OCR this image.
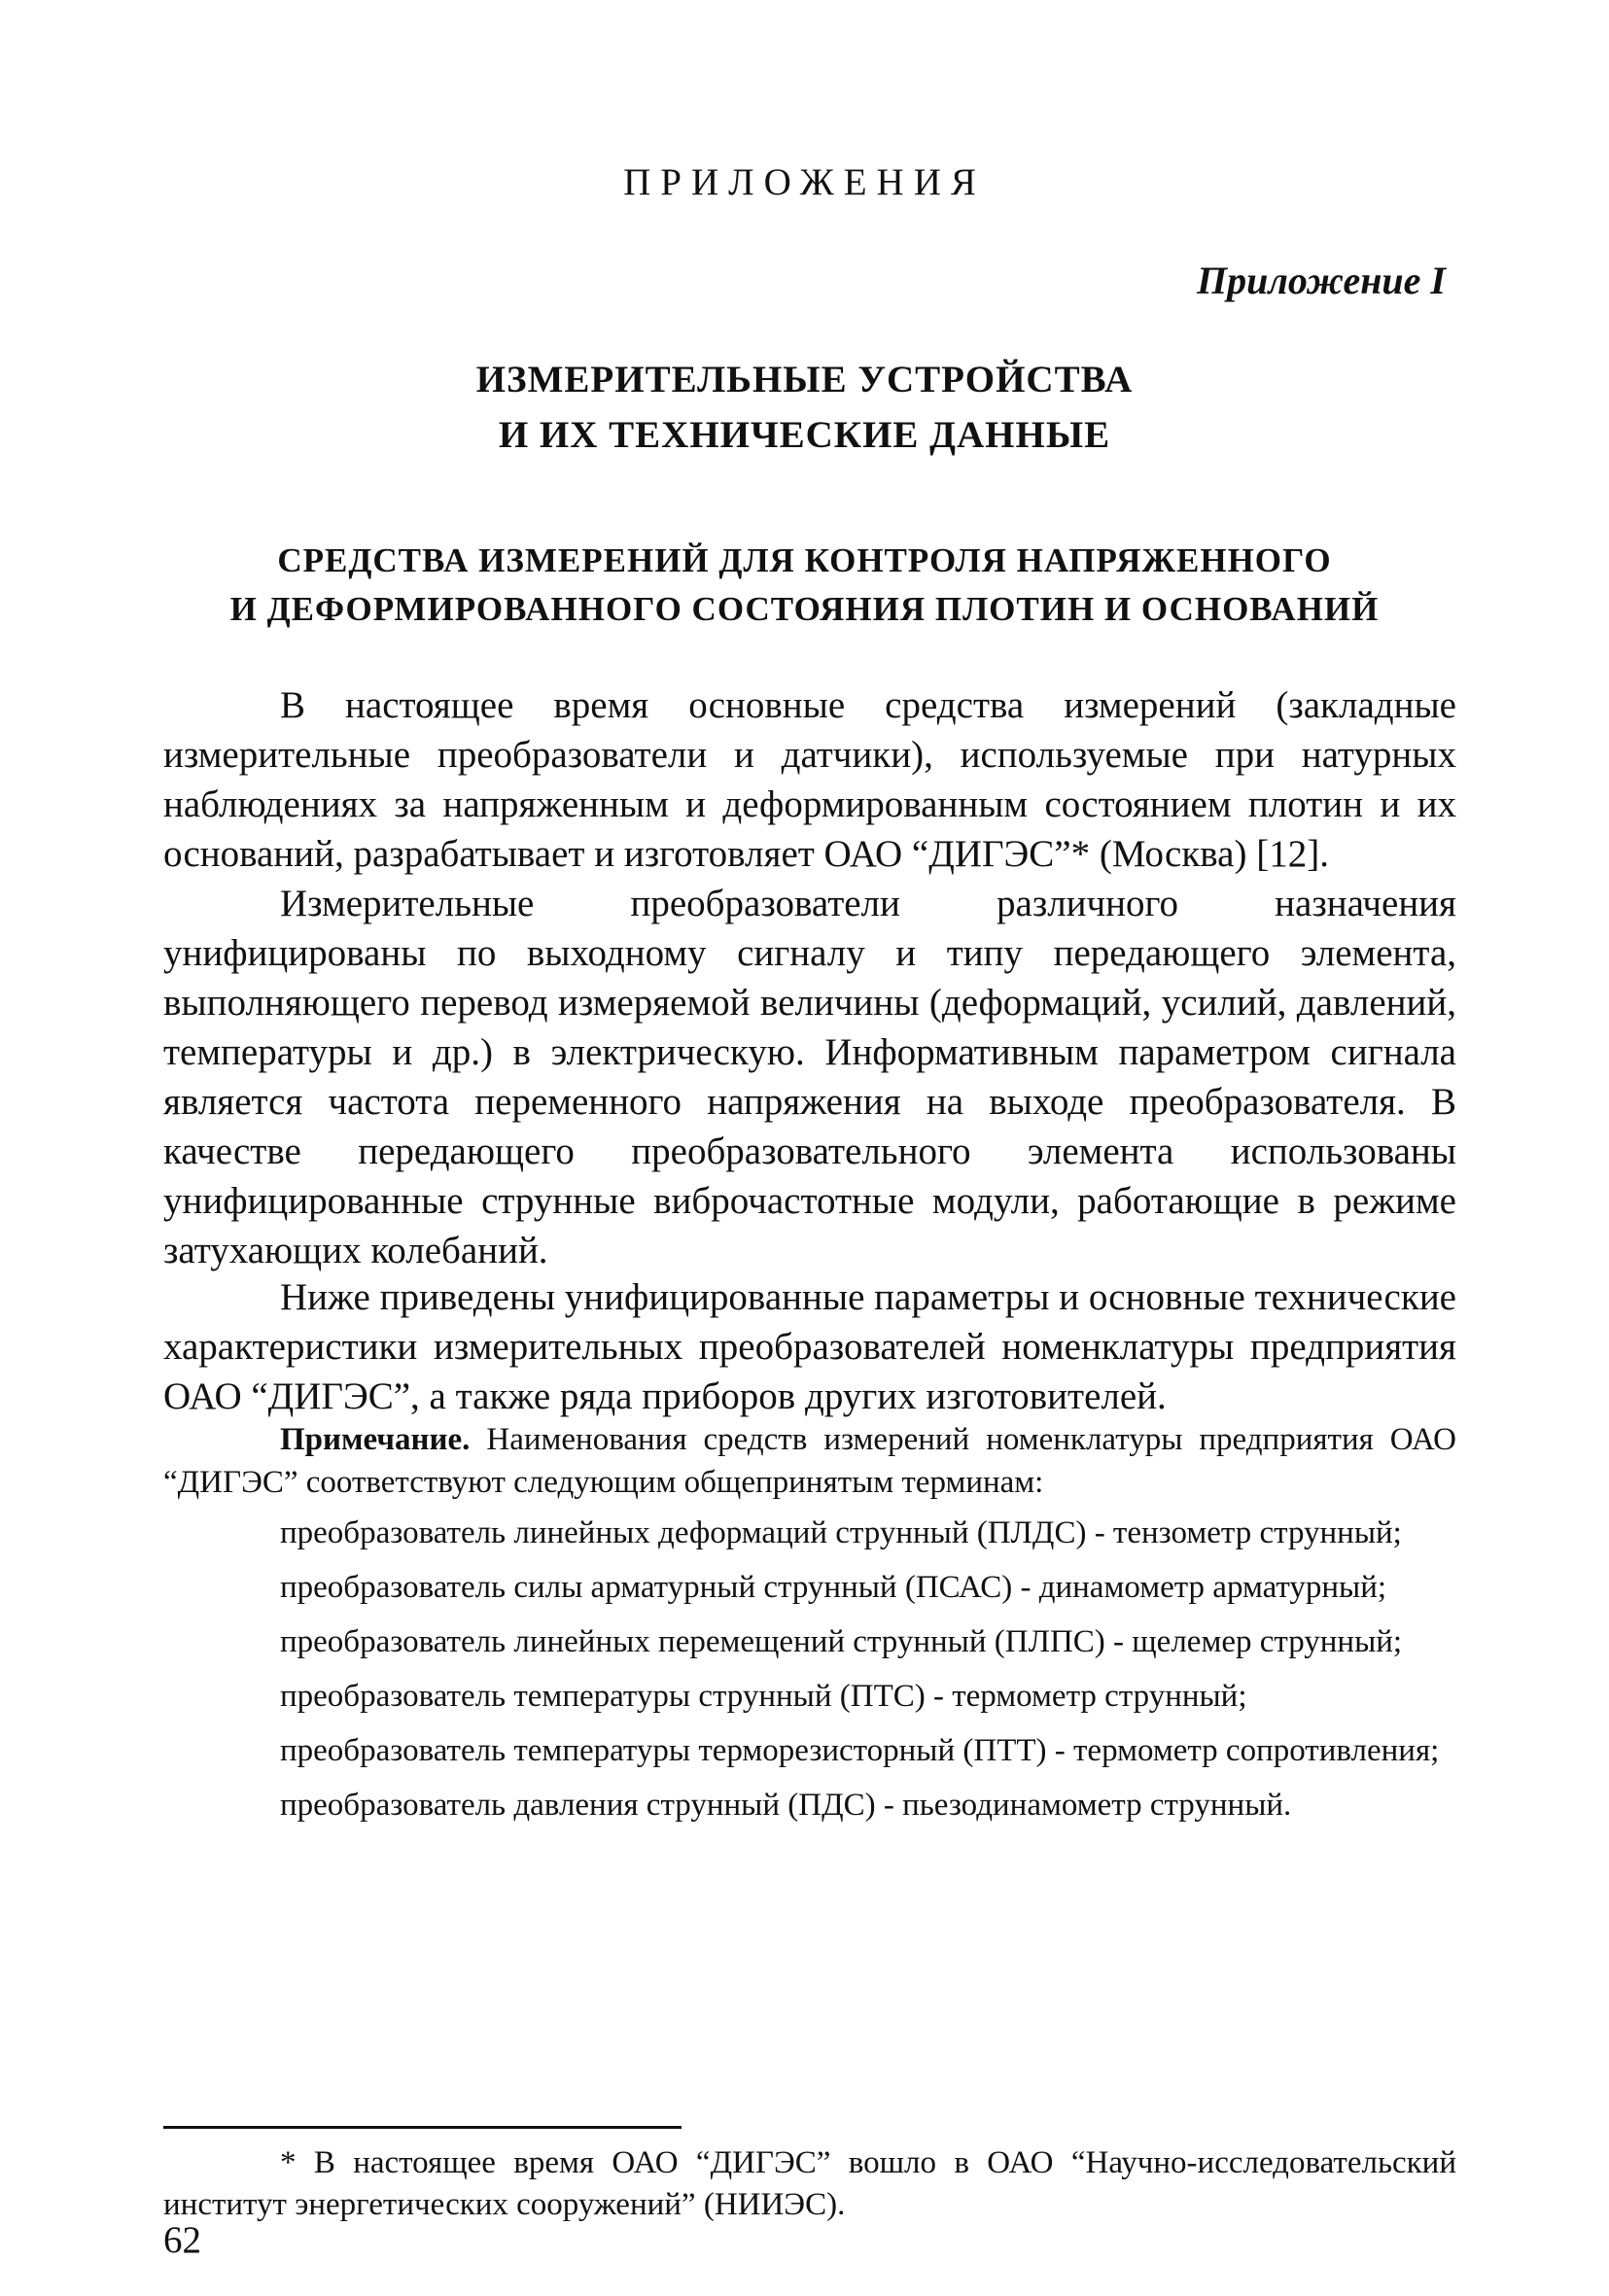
ПРИЛОЖЕНИЯ
Приложение I
ИЗМЕРИТЕЛЬНЫЕ УСТРОЙСТВА
И ИХ ТЕХНИЧЕСКИЕ ДАННЫЕ
СРЕДСТВА ИЗМЕРЕНИЙ ДЛЯ КОНТРОЛЯ НАПРЯЖЕННОГО
И ДЕФОРМИРОВАННОГО СОСТОЯНИЯ ПЛОТИН И ОСНОВАНИЙ

В настоящее время основные средства измерений (закладные измерительные преобразователи и датчики), используемые при натурных наблюдениях за напряженным и деформированным состоянием плотин и их оснований, разрабатывает и изготовляет ОАО “ДИГЭС”* (Москва) [12].

Измерительные преобразователи различного назначения унифицированы по выходному сигналу и типу передающего элемента, выполняющего перевод измеряемой величины (деформаций, усилий, давлений, температуры и др.) в электрическую. Информативным параметром сигнала является частота переменного напряжения на выходе преобразователя. В качестве передающего преобразовательного элемента использованы унифицированные струнные виброчастотные модули, работающие в режиме затухающих колебаний.

Ниже приведены унифицированные параметры и основные технические характеристики измерительных преобразователей номенклатуры предприятия ОАО “ДИГЭС”, а также ряда приборов других изготовителей.

Примечание. Наименования средств измерений номенклатуры предприятия ОАО “ДИГЭС” соответствуют следующим общепринятым терминам:

преобразователь линейных деформаций струнный (ПЛДС) - тензометр струнный;

преобразователь силы арматурный струнный (ПСАС) - динамометр арматурный;

преобразователь линейных перемещений струнный (ПЛПС) - щелемер струнный;

преобразователь температуры струнный (ПТС) - термометр струнный;

преобразователь температуры терморезисторный (ПТТ) - термометр сопротивления;

преобразователь давления струнный (ПДС) - пьезодинамометр струнный.

* В настоящее время ОАО “ДИГЭС” вошло в ОАО “Научно-исследовательский институт энергетических сооружений” (НИИЭС).

62
